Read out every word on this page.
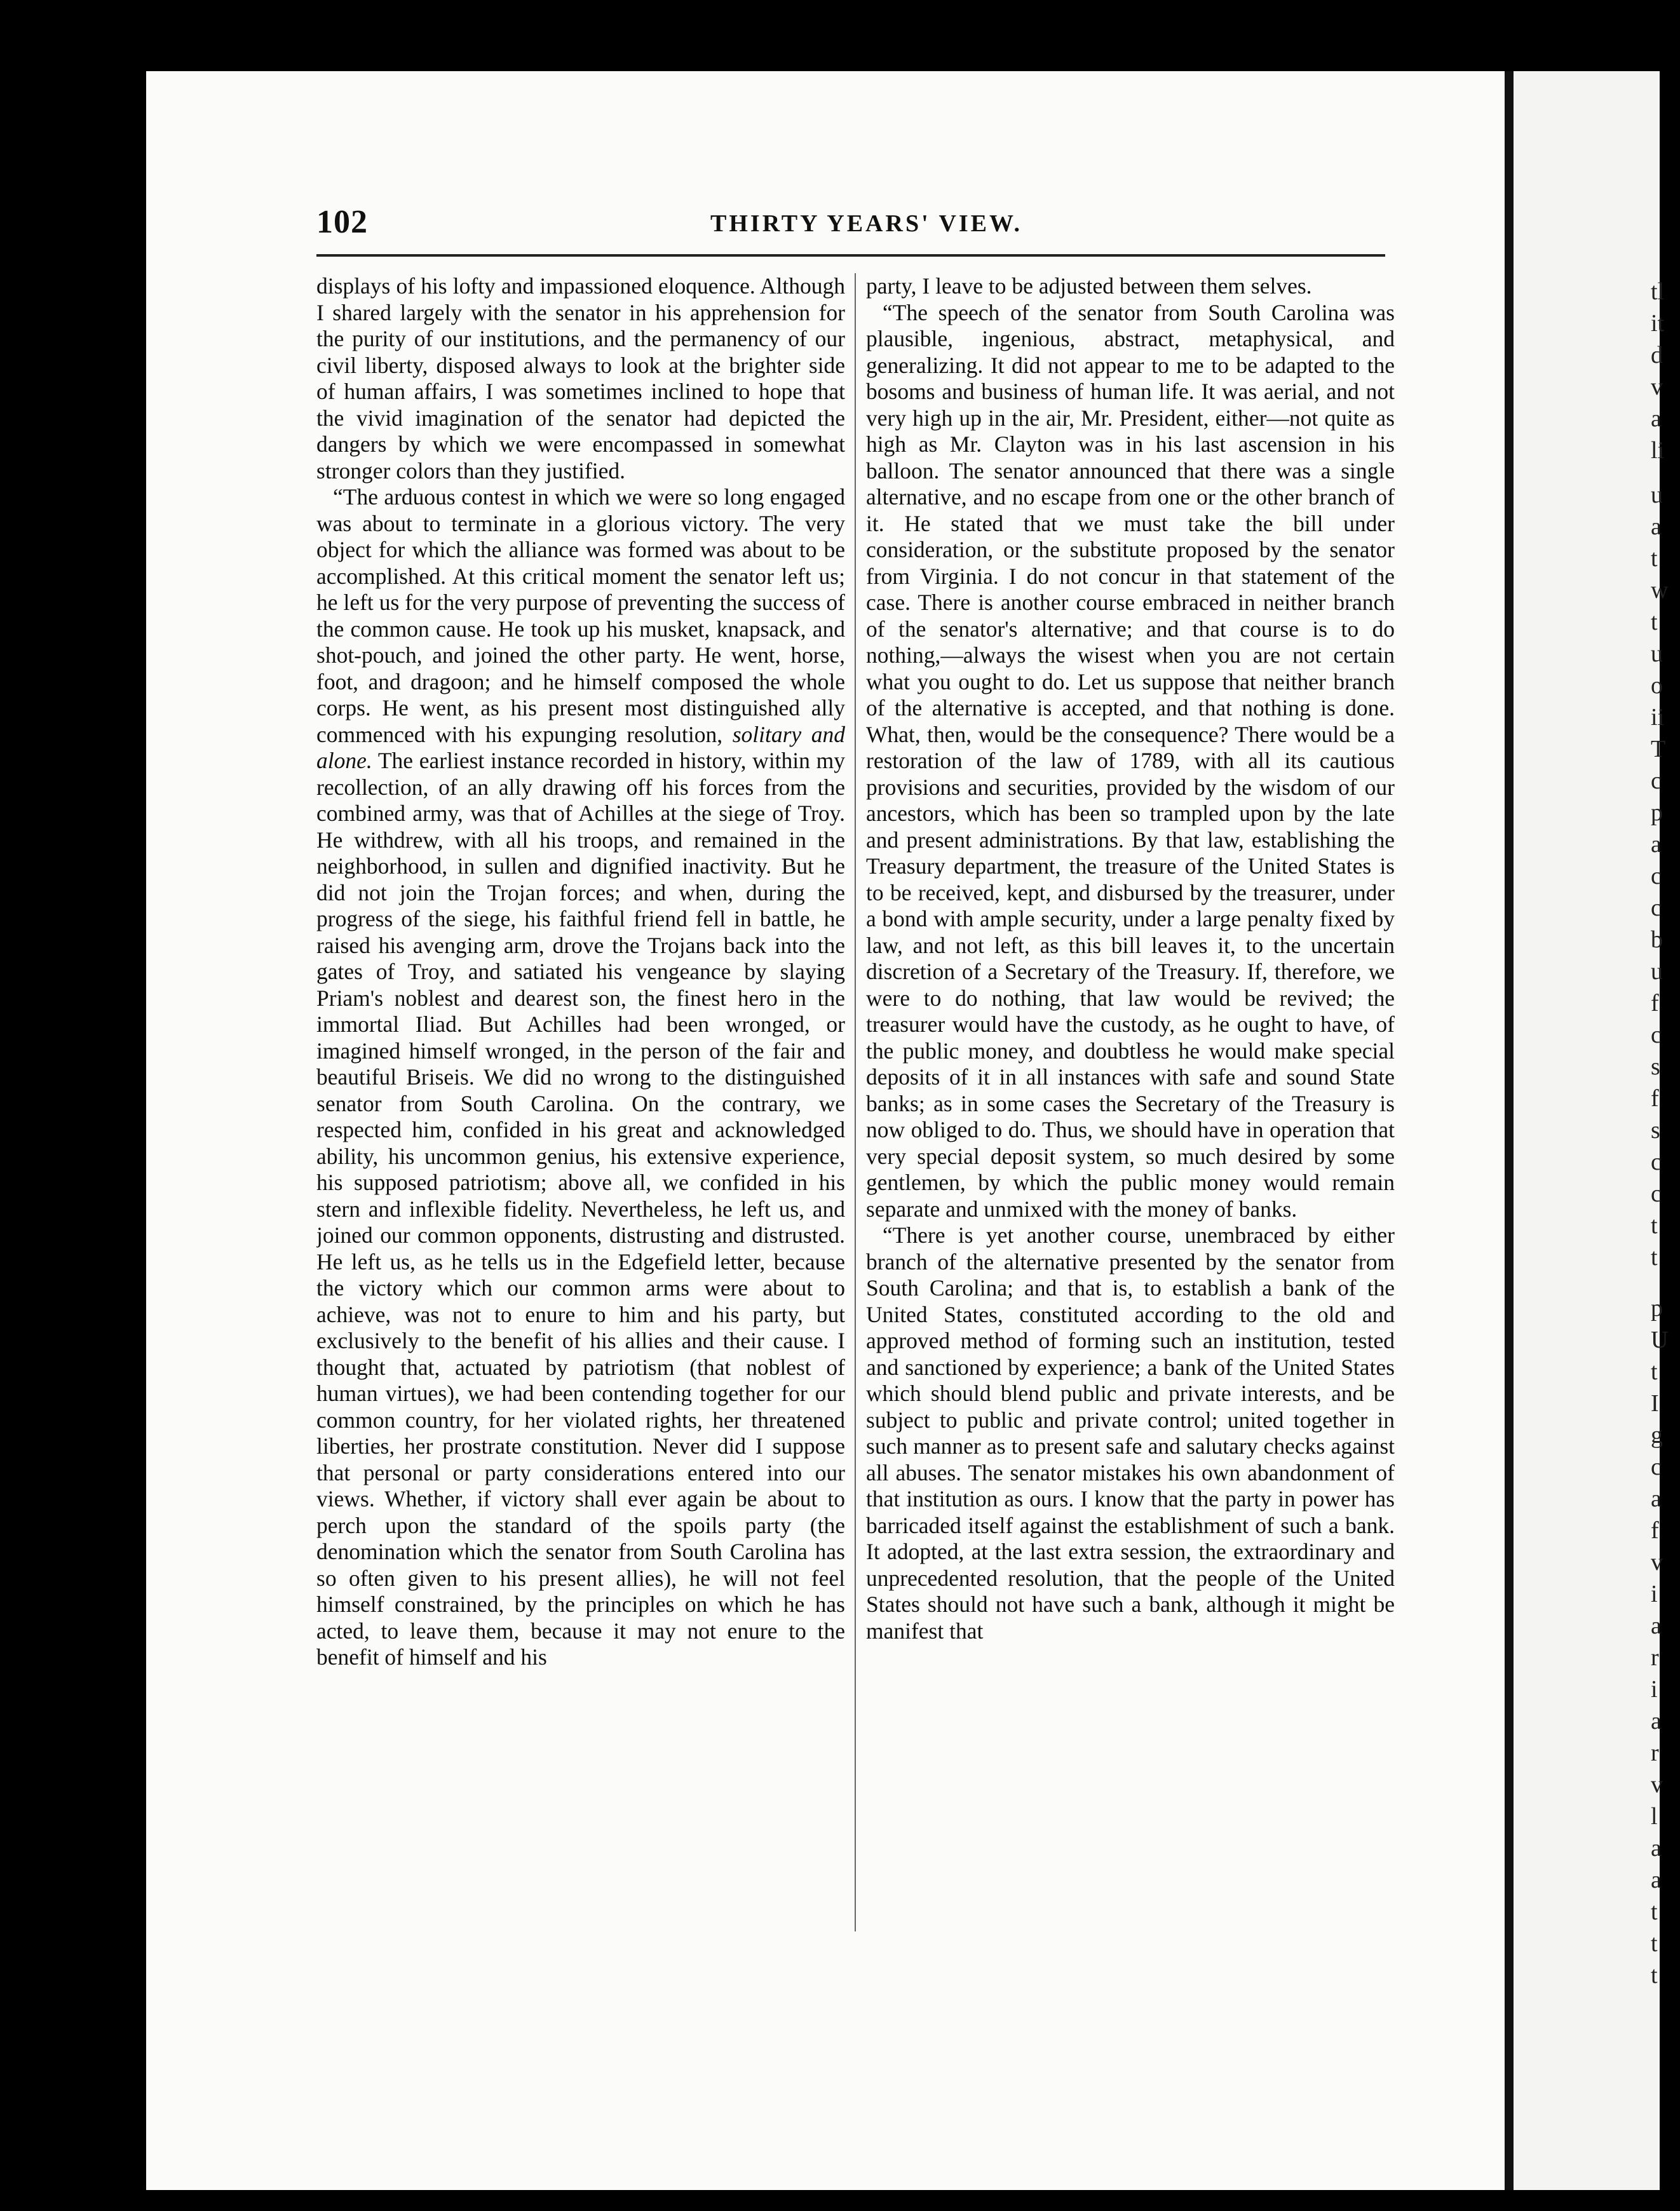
tl
it
d
v
a
li
u
a
t
w
t
u
o
ii
T
c
p
a
c
c
b
u
f
c
s
f
s
c
c
t
t
p
U
t
I
g
c
a
f
v
i
a
r
i
a
r
v
l
a
a
t
t
t
102	THIRTY YEARS' VIEW.

displays of his lofty and impassioned eloquence. Although I shared largely with the senator in his apprehension for the purity of our institutions, and the permanency of our civil liberty, disposed always to look at the brighter side of human affairs, I was sometimes inclined to hope that the vivid imagination of the senator had depicted the dangers by which we were encompassed in somewhat stronger colors than they justified.

“The arduous contest in which we were so long engaged was about to terminate in a glorious victory. The very object for which the alliance was formed was about to be accomplished. At this critical moment the senator left us; he left us for the very purpose of preventing the success of the common cause. He took up his musket, knapsack, and shot-pouch, and joined the other party. He went, horse, foot, and dragoon; and he himself composed the whole corps. He went, as his present most distinguished ally commenced with his expunging resolution, solitary and alone. The earliest instance recorded in history, within my recollection, of an ally drawing off his forces from the combined army, was that of Achilles at the siege of Troy. He withdrew, with all his troops, and remained in the neighborhood, in sullen and dignified inactivity. But he did not join the Trojan forces; and when, during the progress of the siege, his faithful friend fell in battle, he raised his avenging arm, drove the Trojans back into the gates of Troy, and satiated his vengeance by slaying Priam's noblest and dearest son, the finest hero in the immortal Iliad. But Achilles had been wronged, or imagined himself wronged, in the person of the fair and beautiful Briseis. We did no wrong to the distinguished senator from South Carolina. On the contrary, we respected him, confided in his great and acknowledged ability, his uncommon genius, his extensive experience, his supposed patriotism; above all, we confided in his stern and inflexible fidelity. Nevertheless, he left us, and joined our common opponents, distrusting and distrusted. He left us, as he tells us in the Edgefield letter, because the victory which our common arms were about to achieve, was not to enure to him and his party, but exclusively to the benefit of his allies and their cause. I thought that, actuated by patriotism (that noblest of human virtues), we had been contending together for our common country, for her violated rights, her threatened liberties, her prostrate constitution. Never did I suppose that personal or party considerations entered into our views. Whether, if victory shall ever again be about to perch upon the standard of the spoils party (the denomination which the senator from South Carolina has so often given to his present allies), he will not feel himself constrained, by the principles on which he has acted, to leave them, because it may not enure to the benefit of himself and his

party, I leave to be adjusted between them selves.

“The speech of the senator from South Carolina was plausible, ingenious, abstract, metaphysical, and generalizing. It did not appear to me to be adapted to the bosoms and business of human life. It was aerial, and not very high up in the air, Mr. President, either—not quite as high as Mr. Clayton was in his last ascension in his balloon. The senator announced that there was a single alternative, and no escape from one or the other branch of it. He stated that we must take the bill under consideration, or the substitute proposed by the senator from Virginia. I do not concur in that statement of the case. There is another course embraced in neither branch of the senator's alternative; and that course is to do nothing,—always the wisest when you are not certain what you ought to do. Let us suppose that neither branch of the alternative is accepted, and that nothing is done. What, then, would be the consequence? There would be a restoration of the law of 1789, with all its cautious provisions and securities, provided by the wisdom of our ancestors, which has been so trampled upon by the late and present administrations. By that law, establishing the Treasury department, the treasure of the United States is to be received, kept, and disbursed by the treasurer, under a bond with ample security, under a large penalty fixed by law, and not left, as this bill leaves it, to the uncertain discretion of a Secretary of the Treasury. If, therefore, we were to do nothing, that law would be revived; the treasurer would have the custody, as he ought to have, of the public money, and doubtless he would make special deposits of it in all instances with safe and sound State banks; as in some cases the Secretary of the Treasury is now obliged to do. Thus, we should have in operation that very special deposit system, so much desired by some gentlemen, by which the public money would remain separate and unmixed with the money of banks.

“There is yet another course, unembraced by either branch of the alternative presented by the senator from South Carolina; and that is, to establish a bank of the United States, constituted according to the old and approved method of forming such an institution, tested and sanctioned by experience; a bank of the United States which should blend public and private interests, and be subject to public and private control; united together in such manner as to present safe and salutary checks against all abuses. The senator mistakes his own abandonment of that institution as ours. I know that the party in power has barricaded itself against the establishment of such a bank. It adopted, at the last extra session, the extraordinary and unprecedented resolution, that the people of the United States should not have such a bank, although it might be manifest that
